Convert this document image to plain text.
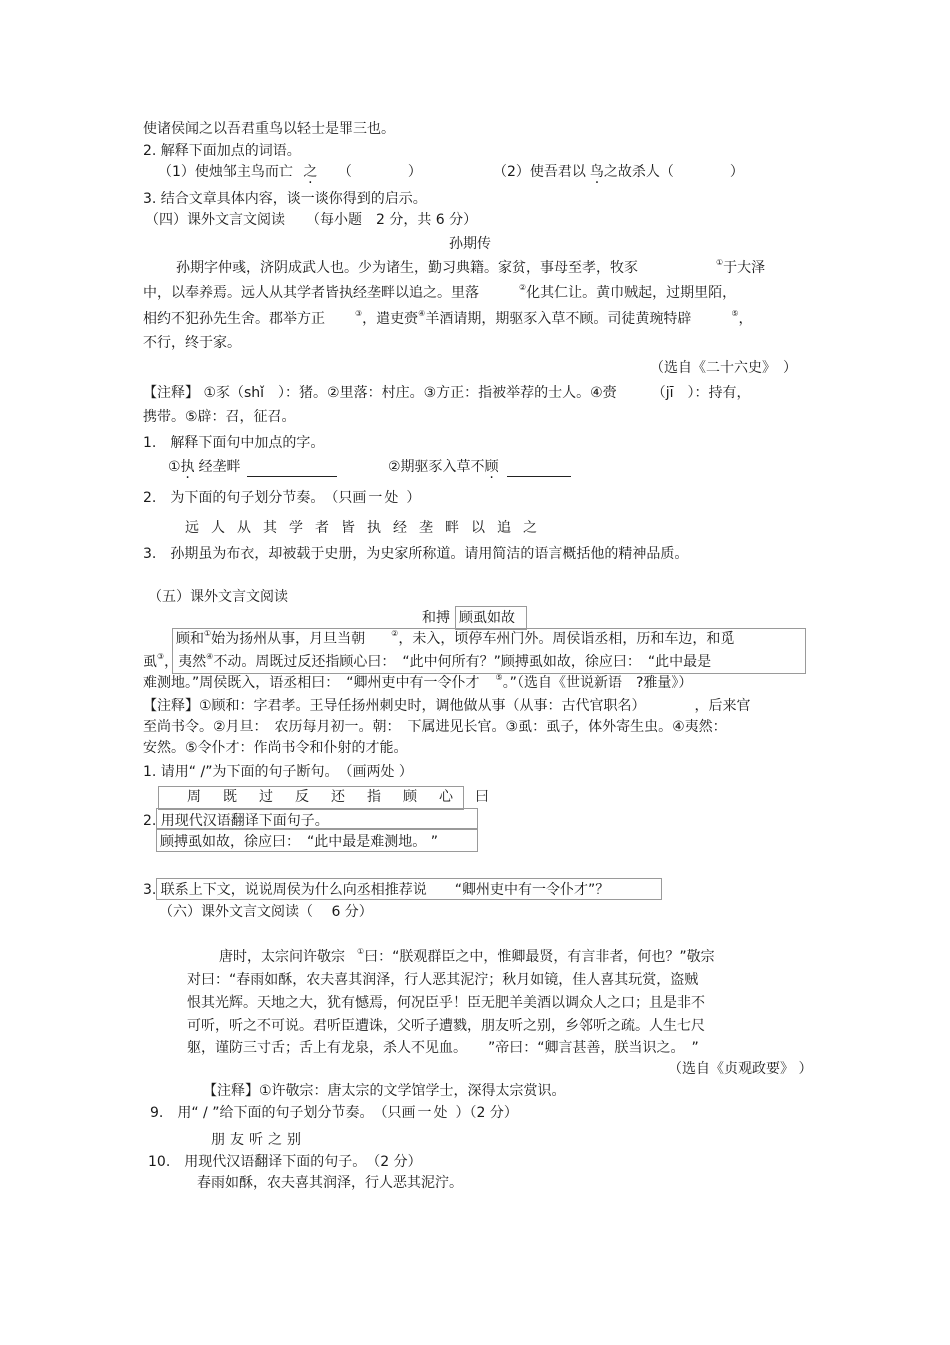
使诸侯闻之以吾君重鸟以轻士是罪三也。
2. 解释下面加点的词语。
（1）使烛邹主鸟而亡 之 （　　　　）	（2）使吾君以 鸟之故杀人（　　　　）
3. 结合文章具体内容，谈一谈你得到的启示。
（四）课外文言文阅读　　（每小题　2 分，共 6 分）
孙期传
孙期字仲彧，济阴成武人也。少为诸生，勤习典籍。家贫，事母至孝，牧豕	①于大泽
中，以奉养焉。远人从其学者皆执经垄畔以追之。里落	②化其仁让。黄巾贼起，过期里陌，
相约不犯孙先生舍。郡举方正	③，遣吏赍④羊酒请期，期驱豕入草不顾。司徒黄琬特辟	⑤，
不行，终于家。
（选自《二十六史》　）
【注释】 ①豕（shǐ　）：猪。②里落：村庄。③方正：指被举荐的士人。④赍　　　（jī　）：持有，
携带。⑤辟：召，征召。
1.　解释下面句中加点的字。
①执 经垄畔	②期驱豕入草不顾
2.　为下面的句子划分节奏。　（只画一处 ）
远人从其学者皆执经垄畔以追之
3.　孙期虽为布衣，却被载于史册，为史家所称道。请用简洁的语言概括他的精神品质。
（五）课外文言文阅读
和搏 顾虱如故
顾和①始为扬州从事，月旦当朝	②，未入，顷停车州门外。周侯诣丞相，历和车边，和觅
虱③，夷然④不动。周既过反还指顾心曰：　“此中何所有？”顾搏虱如故，徐应曰：　“此中最是
难测地。”周侯既入，语丞相曰：　“卿州吏中有一令仆才 ⑤。”（选自《世说新语　?雅量》）
【注释】①顾和：字君孝。王导任扬州刺史时，调他做从事（从事：古代官职名）　　　　，后来官
至尚书令。②月旦：　农历每月初一。朝：　下属进见长官。③虱：虱子，体外寄生虫。④夷然：
安然。⑤令仆才：作尚书令和仆射的才能。
1. 请用“ /”为下面的句子断句。　（画两处 ）
周既过反还指顾心曰
2. 用现代汉语翻译下面句子。
顾搏虱如故，徐应曰：　“此中最是难测地。 ”
3. 联系上下文，说说周侯为什么向丞相推荐说　　“卿州吏中有一令仆才”？
（六）课外文言文阅读（　 6 分）
唐时，太宗问许敬宗 ①曰：“朕观群臣之中，惟卿最贤，有言非者，何也？”敬宗
对曰：“春雨如酥，农夫喜其润泽，行人恶其泥泞；秋月如镜，佳人喜其玩赏，盗贼
恨其光辉。天地之大，犹有憾焉，何况臣乎！臣无肥羊美酒以调众人之口；且是非不
可听，听之不可说。君听臣遭诛，父听子遭戮，朋友听之别，乡邻听之疏。人生七尺
躯，谨防三寸舌；舌上有龙泉，杀人不见血。　　”帝曰：“卿言甚善，朕当识之。　”
（选自《贞观政要》 ）
【注释】①许敬宗：唐太宗的文学馆学士，深得太宗赏识。
9.　用“ / ”给下面的句子划分节奏。　（只画一处 ）（2 分）
朋友听之别
10.　用现代汉语翻译下面的句子。　（2 分）
春雨如酥，农夫喜其润泽，行人恶其泥泞。
